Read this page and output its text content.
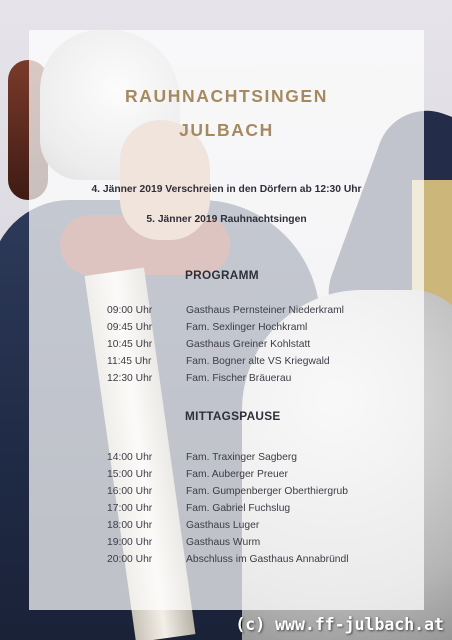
RAUHNACHTSINGEN
JULBACH
4. Jänner 2019 Verschreien in den Dörfern ab 12:30 Uhr
5. Jänner 2019 Rauhnachtsingen
PROGRAMM
09:00 Uhr	Gasthaus Pernsteiner Niederkraml
09:45 Uhr	Fam. Sexlinger Hochkraml
10:45 Uhr	Gasthaus Greiner Kohlstatt
11:45 Uhr	Fam. Bogner alte VS Kriegwald
12:30 Uhr	Fam. Fischer Bräuerau
MITTAGSPAUSE
14:00 Uhr	Fam. Traxinger Sagberg
15:00 Uhr	Fam. Auberger Preuer
16:00 Uhr	Fam. Gumpenberger Oberthiergrub
17:00 Uhr	Fam. Gabriel Fuchslug
18:00 Uhr	Gasthaus Luger
19:00 Uhr	Gasthaus Wurm
20:00 Uhr	Abschluss im Gasthaus Annabründl
(c) www.ff-julbach.at
